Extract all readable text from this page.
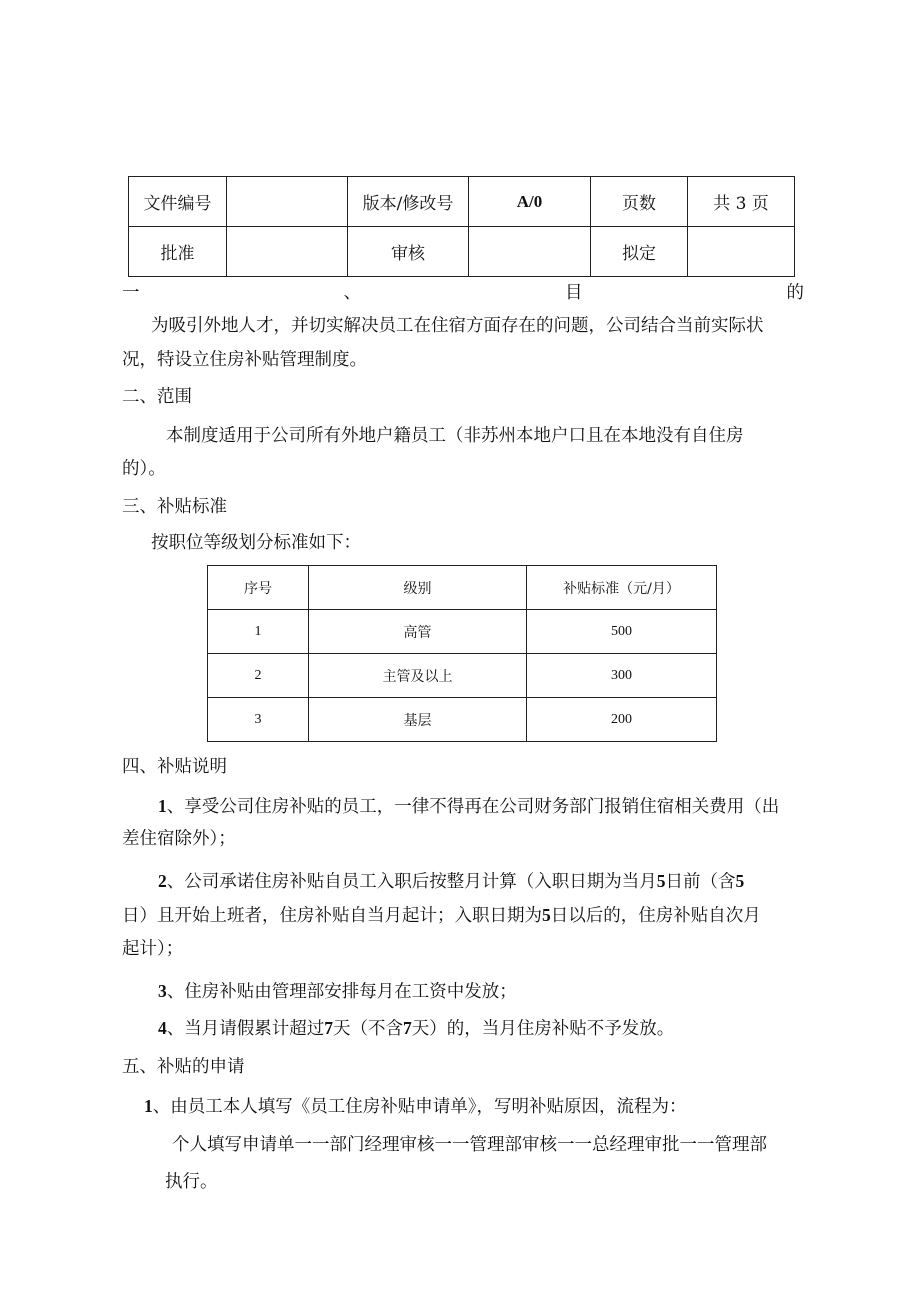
文件编号		版本/修改号	A/0	页数	共 3 页
批准		审核		拟定	
一	、	目	的
为吸引外地人才，并切实解决员工在住宿方面存在的问题，公司结合当前实际状
况，特设立住房补贴管理制度。
二、范围
本制度适用于公司所有外地户籍员工（非苏州本地户口且在本地没有自住房
的）。
三、补贴标准
按职位等级划分标准如下：
序号	级别	补贴标准（元/月）
1	高管	500
2	主管及以上	300
3	基层	200
四、补贴说明
1、享受公司住房补贴的员工，一律不得再在公司财务部门报销住宿相关费用（出
差住宿除外）；
2、公司承诺住房补贴自员工入职后按整月计算（入职日期为当月5日前（含5
日）且开始上班者，住房补贴自当月起计；入职日期为5日以后的，住房补贴自次月
起计）；
3、住房补贴由管理部安排每月在工资中发放；
4、当月请假累计超过7天（不含7天）的，当月住房补贴不予发放。
五、补贴的申请
1、由员工本人填写《员工住房补贴申请单》，写明补贴原因，流程为：
个人填写申请单一一部门经理审核一一管理部审核一一总经理审批一一管理部
执行。
